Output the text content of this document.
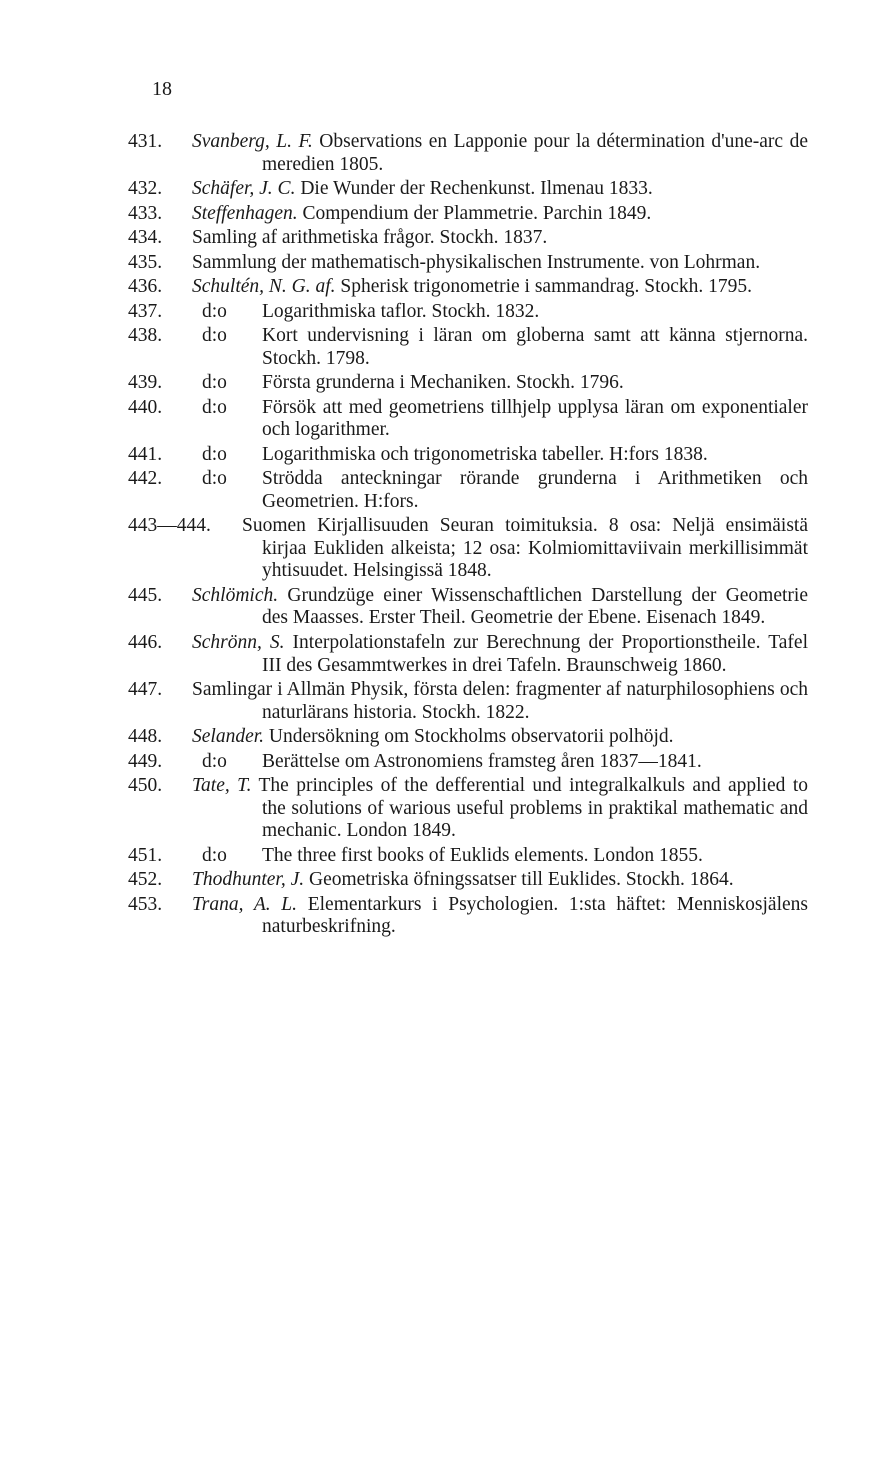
18
431. Svanberg, L. F. Observations en Lapponie pour la détermination d'une-arc de meredien 1805.
432. Schäfer, J. C. Die Wunder der Rechenkunst. Ilmenau 1833.
433. Steffenhagen. Compendium der Plammetrie. Parchin 1849.
434. Samling af arithmetiska frågor. Stockh. 1837.
435. Sammlung der mathematisch-physikalischen Instrumente. von Lohrman.
436. Schultén, N. G. af. Spherisk trigonometrie i sammandrag. Stockh. 1795.
437. d:o Logarithmiska taflor. Stockh. 1832.
438. d:o Kort undervisning i läran om globerna samt att känna stjernorna. Stockh. 1798.
439. d:o Första grunderna i Mechaniken. Stockh. 1796.
440. d:o Försök att med geometriens tillhjelp upplysa läran om exponentialer och logarithmer.
441. d:o Logarithmiska och trigonometriska tabeller. H:fors 1838.
442. d:o Strödda anteckningar rörande grunderna i Arithmetiken och Geometrien. H:fors.
443—444. Suomen Kirjallisuuden Seuran toimituksia. 8 osa: Neljä ensimäistä kirjaa Eukliden alkeista; 12 osa: Kolmiomittaviivain merkillisimmät yhtisuudet. Helsingissä 1848.
445. Schlömich. Grundzüge einer Wissenschaftlichen Darstellung der Geometrie des Maasses. Erster Theil. Geometrie der Ebene. Eisenach 1849.
446. Schrönn, S. Interpolationstafeln zur Berechnung der Proportionstheile. Tafel III des Gesammtwerkes in drei Tafeln. Braunschweig 1860.
447. Samlingar i Allmän Physik, första delen: fragmenter af naturphilosophiens och naturlärans historia. Stockh. 1822.
448. Selander. Undersökning om Stockholms observatorii polhöjd.
449. d:o Berättelse om Astronomiens framsteg åren 1837—1841.
450. Tate, T. The principles of the defferential und integralkalkuls and applied to the solutions of warious useful problems in praktikal mathematic and mechanic. London 1849.
451. d:o The three first books of Euklids elements. London 1855.
452. Thodhunter, J. Geometriska öfningssatser till Euklides. Stockh. 1864.
453. Trana, A. L. Elementarkurs i Psychologien. 1:sta häftet: Menniskosjälens naturbeskrifning.
